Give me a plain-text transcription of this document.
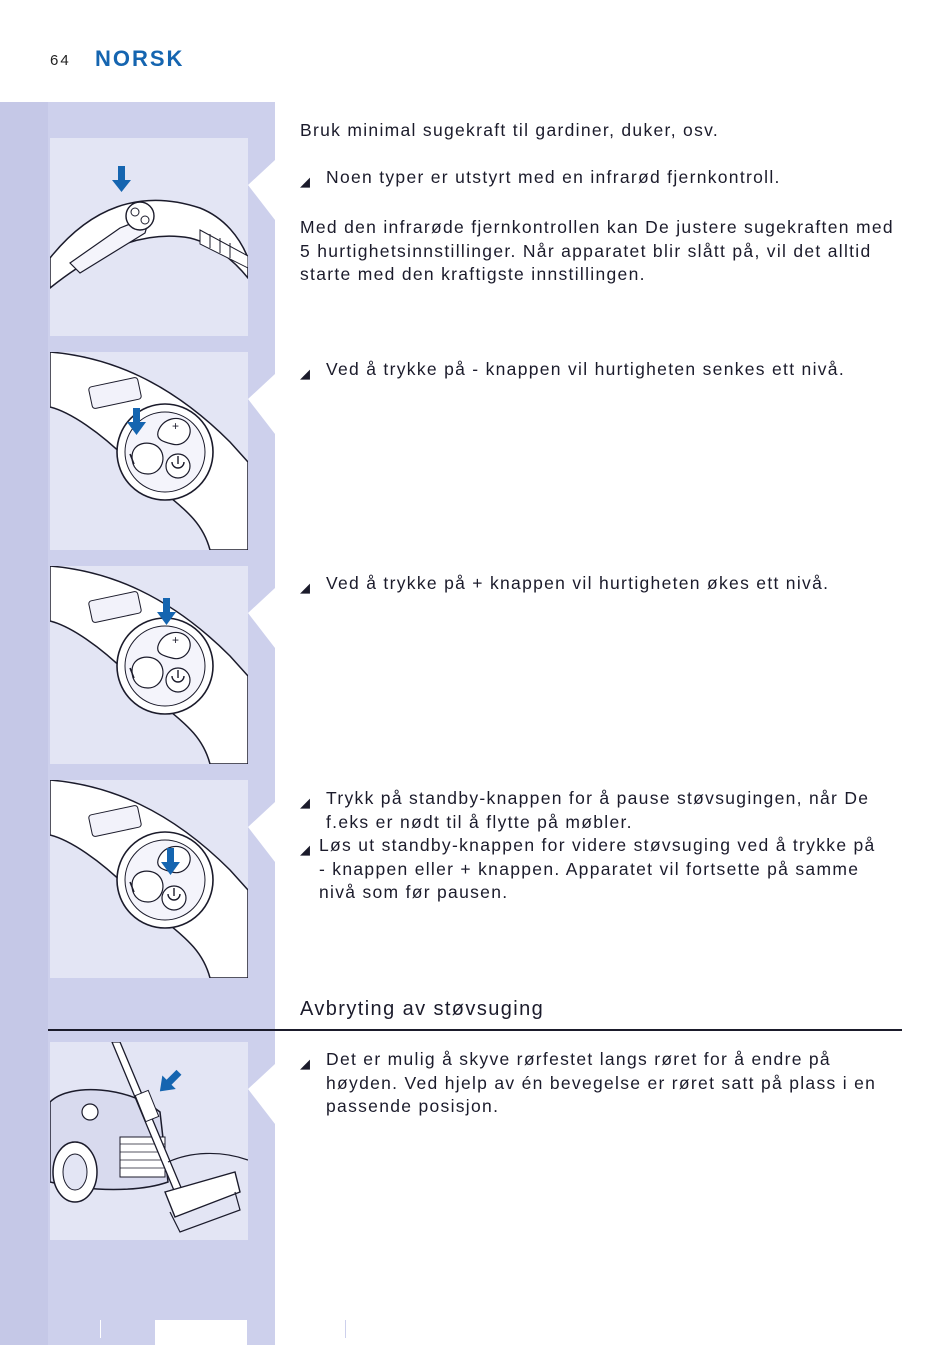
64 NORSK
+
+

Bruk minimal sugekraft til gardiner, duker, osv.

◢ Noen typer er utstyrt med en infrarød fjernkontroll.

Med den infrarøde fjernkontrollen kan De justere sugekraften med 5 hurtighetsinnstillinger. Når apparatet blir slått på, vil det alltid starte med den kraftigste innstillingen.

◢ Ved å trykke på - knappen vil hurtigheten senkes ett nivå.
◢ Ved å trykke på + knappen vil hurtigheten økes ett nivå.
◢ Trykk på standby-knappen for å pause støvsugingen, når De f.eks er nødt til å flytte på møbler.
◢ Løs ut standby-knappen for videre støvsuging ved å trykke på - knappen eller + knappen. Apparatet vil fortsette på samme nivå som før pausen.
Avbryting av støvsuging
◢ Det er mulig å skyve rørfestet langs røret for å endre på høyden. Ved hjelp av én bevegelse er røret satt på plass i en passende posisjon.
